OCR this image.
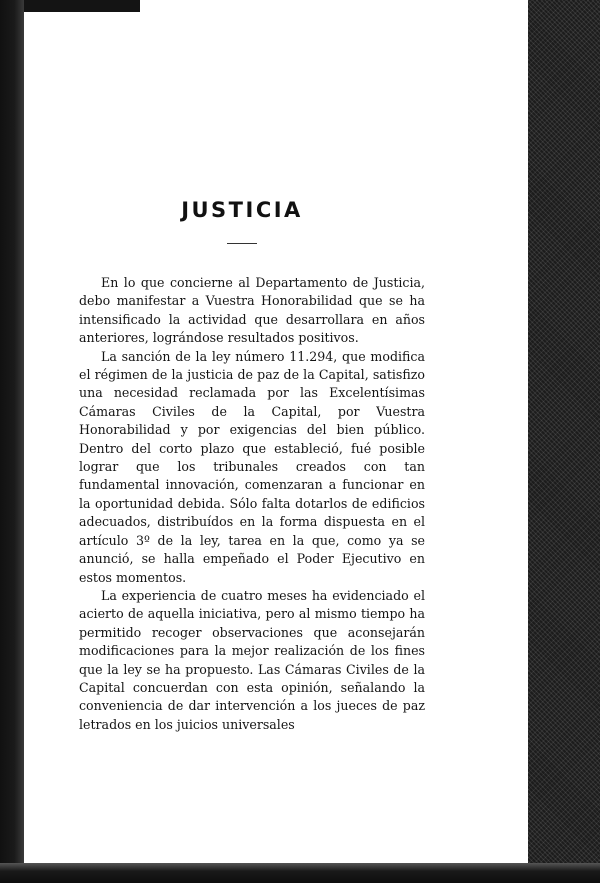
JUSTICIA

En lo que concierne al Departamento de Justicia, debo manifestar a Vuestra Honorabilidad que se ha intensificado la actividad que desarrollara en años anteriores, lográndose resultados positivos.

La sanción de la ley número 11.294, que modifica el régimen de la justicia de paz de la Capital, satisfizo una necesidad reclamada por las Excelentísimas Cámaras Civiles de la Capital, por Vuestra Honorabilidad y por exigencias del bien público. Dentro del corto plazo que estableció, fué posible lograr que los tribunales creados con tan fundamental innovación, comenzaran a funcionar en la oportunidad debida. Sólo falta dotarlos de edificios adecuados, distribuídos en la forma dispuesta en el artículo 3º de la ley, tarea en la que, como ya se anunció, se halla empeñado el Poder Ejecutivo en estos momentos.

La experiencia de cuatro meses ha evidenciado el acierto de aquella iniciativa, pero al mismo tiempo ha permitido recoger observaciones que aconsejarán modificaciones para la mejor realización de los fines que la ley se ha propuesto. Las Cámaras Civiles de la Capital concuerdan con esta opinión, señalando la conveniencia de dar intervención a los jueces de paz letrados en los juicios universales
